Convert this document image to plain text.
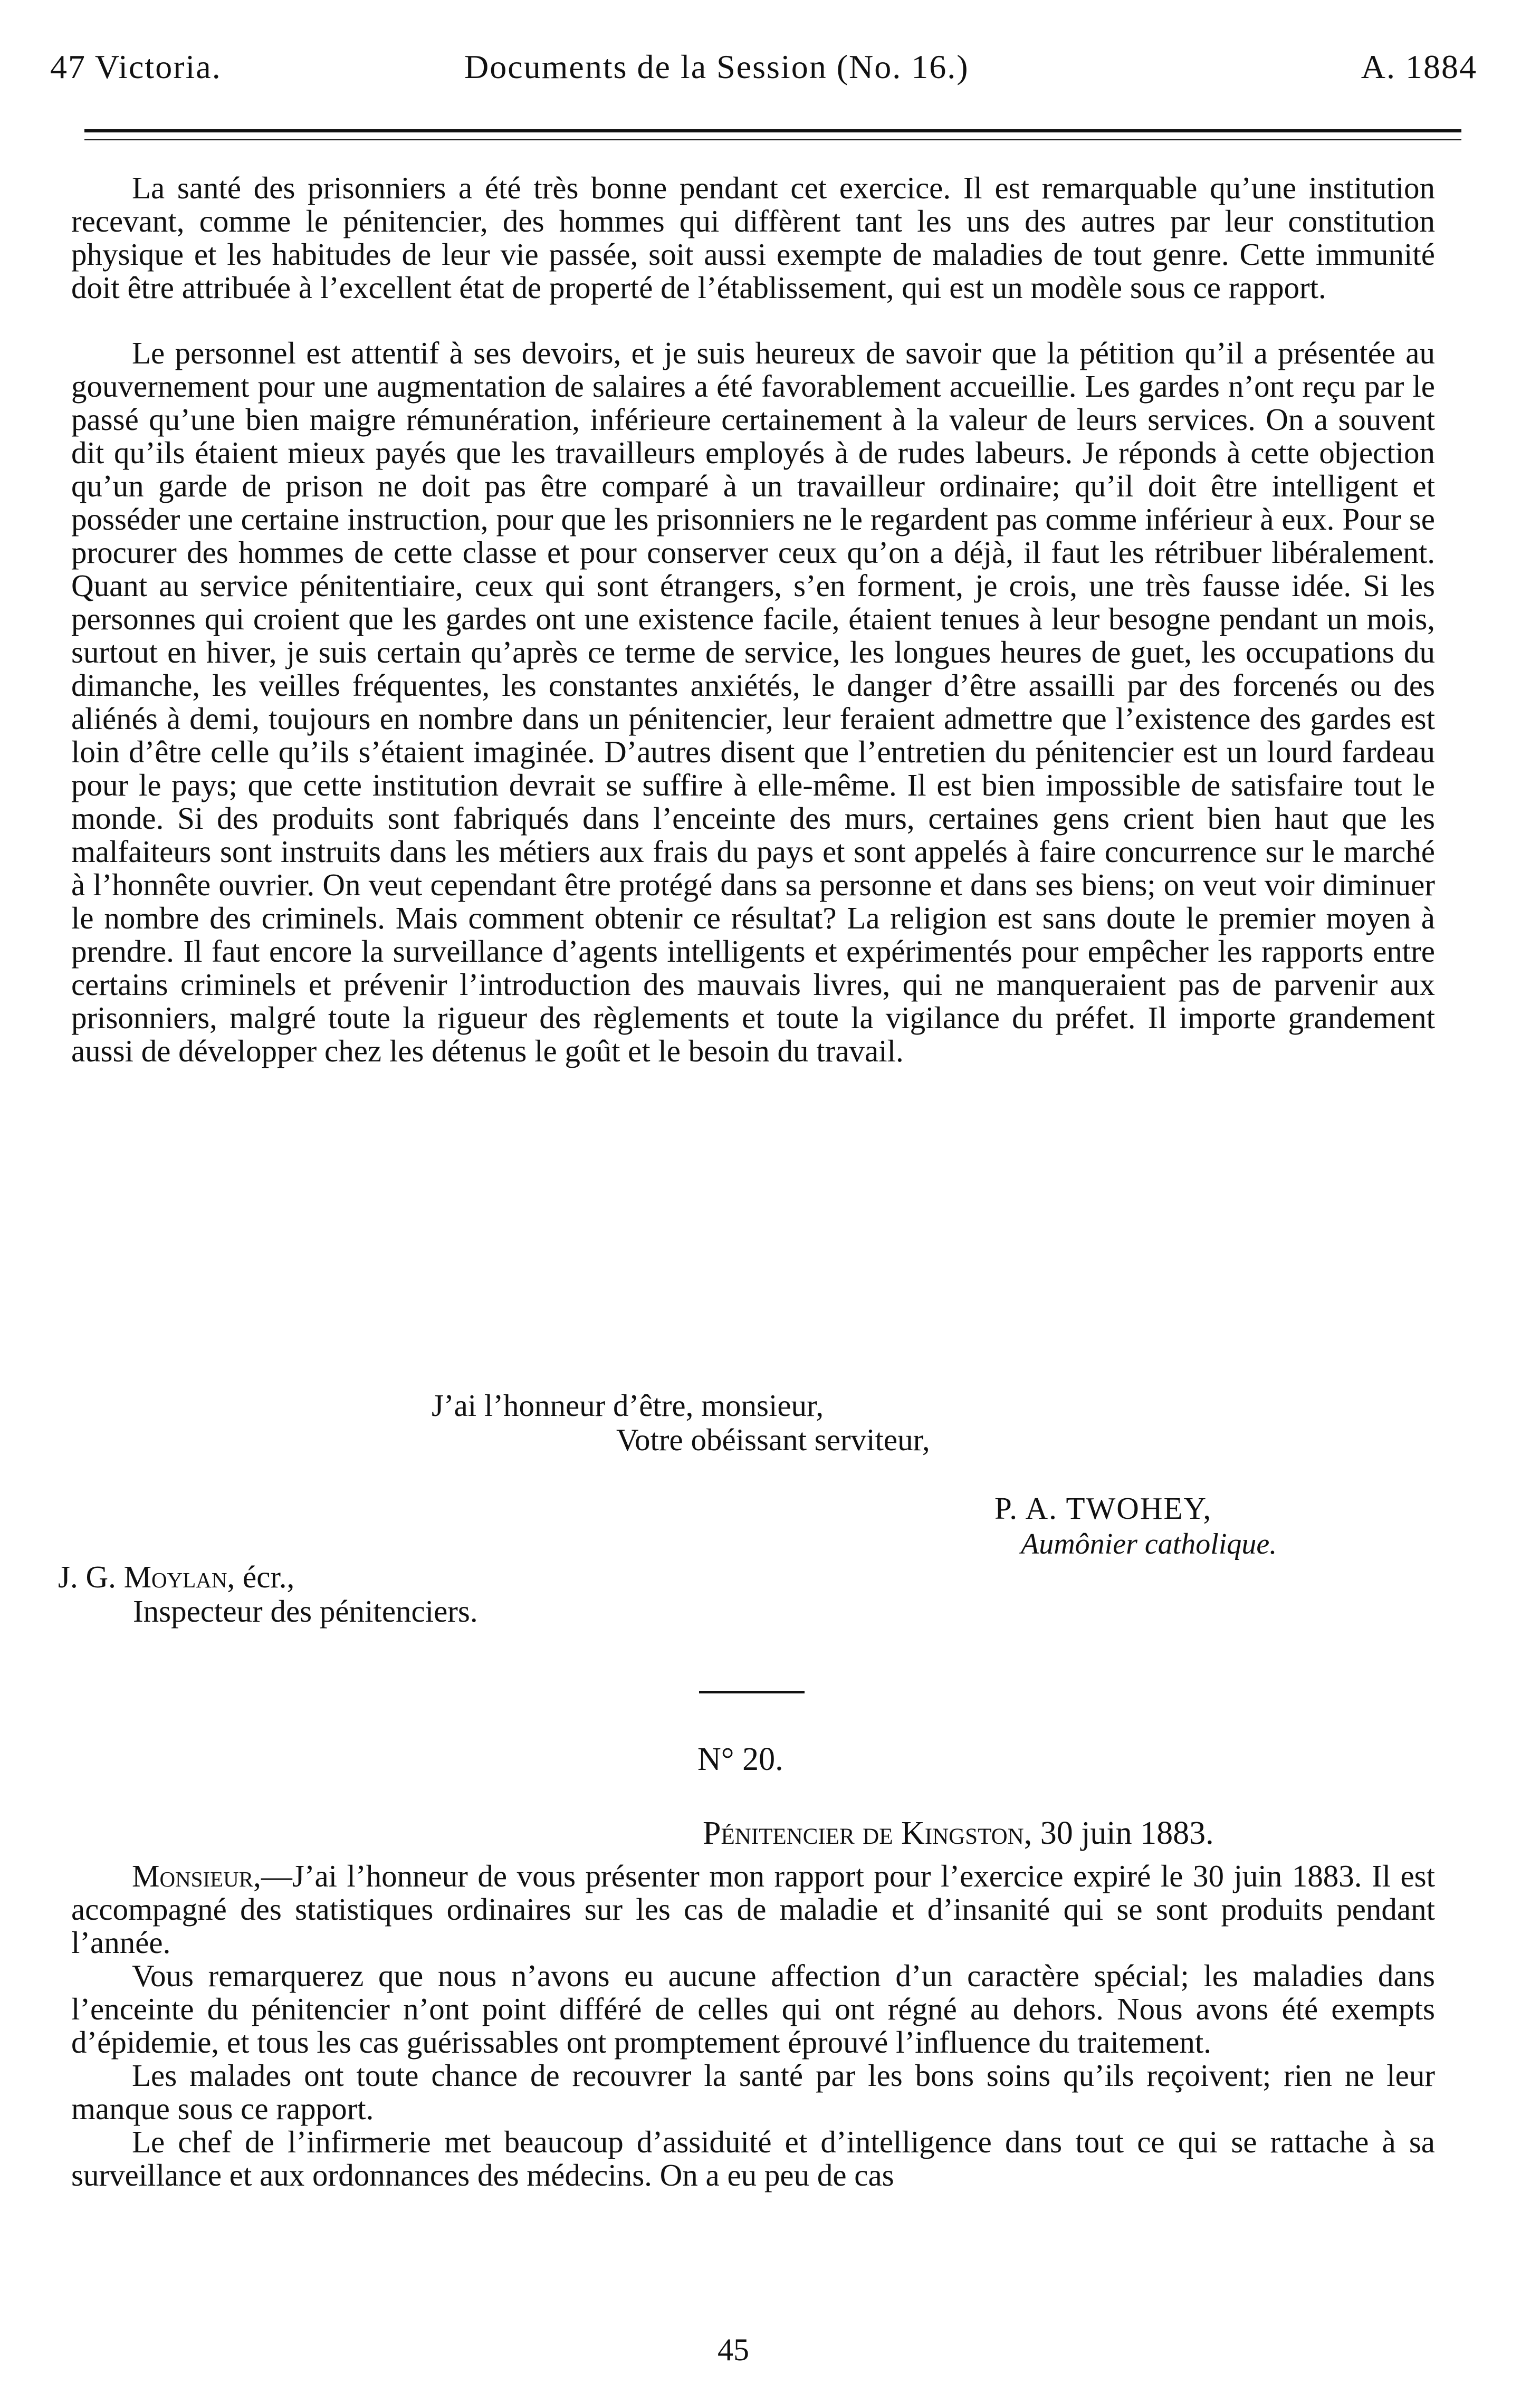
47 Victoria.	Documents de la Session (No. 16.)	A. 1884

La santé des prisonniers a été très bonne pendant cet exercice. Il est remarquable qu’une institution recevant, comme le pénitencier, des hommes qui diffèrent tant les uns des autres par leur constitution physique et les habitudes de leur vie passée, soit aussi exempte de maladies de tout genre. Cette immunité doit être attribuée à l’excellent état de properté de l’établissement, qui est un modèle sous ce rapport.

Le personnel est attentif à ses devoirs, et je suis heureux de savoir que la pétition qu’il a présentée au gouvernement pour une augmentation de salaires a été favorablement accueillie. Les gardes n’ont reçu par le passé qu’une bien maigre rémunération, inférieure certainement à la valeur de leurs services. On a souvent dit qu’ils étaient mieux payés que les travailleurs employés à de rudes labeurs. Je réponds à cette objection qu’un garde de prison ne doit pas être comparé à un travailleur ordinaire; qu’il doit être intelligent et posséder une certaine instruction, pour que les prisonniers ne le regardent pas comme inférieur à eux. Pour se procurer des hommes de cette classe et pour conserver ceux qu’on a déjà, il faut les rétribuer libéralement. Quant au service pénitentiaire, ceux qui sont étrangers, s’en forment, je crois, une très fausse idée. Si les personnes qui croient que les gardes ont une existence facile, étaient tenues à leur besogne pendant un mois, surtout en hiver, je suis certain qu’après ce terme de service, les longues heures de guet, les occupations du dimanche, les veilles fréquentes, les constantes anxiétés, le danger d’être assailli par des forcenés ou des aliénés à demi, toujours en nombre dans un pénitencier, leur feraient admettre que l’existence des gardes est loin d’être celle qu’ils s’étaient imaginée. D’autres disent que l’entretien du pénitencier est un lourd fardeau pour le pays; que cette institution devrait se suffire à elle-même. Il est bien impossible de satisfaire tout le monde. Si des produits sont fabriqués dans l’enceinte des murs, certaines gens crient bien haut que les malfaiteurs sont instruits dans les métiers aux frais du pays et sont appelés à faire concurrence sur le marché à l’honnête ouvrier. On veut cependant être protégé dans sa personne et dans ses biens; on veut voir diminuer le nombre des criminels. Mais comment obtenir ce résultat? La religion est sans doute le premier moyen à prendre. Il faut encore la surveillance d’agents intelligents et expérimentés pour empêcher les rapports entre certains criminels et prévenir l’introduction des mauvais livres, qui ne manqueraient pas de parvenir aux prisonniers, malgré toute la rigueur des règlements et toute la vigilance du préfet. Il importe grandement aussi de développer chez les détenus le goût et le besoin du travail.

J’ai l’honneur d’être, monsieur,
Votre obéissant serviteur,
P. A. TWOHEY,
Aumônier catholique.
J. G. Moylan, écr.,
Inspecteur des pénitenciers.
N° 20.
Pénitencier de Kingston, 30 juin 1883.

Monsieur,—J’ai l’honneur de vous présenter mon rapport pour l’exercice expiré le 30 juin 1883. Il est accompagné des statistiques ordinaires sur les cas de maladie et d’insanité qui se sont produits pendant l’année.

Vous remarquerez que nous n’avons eu aucune affection d’un caractère spécial; les maladies dans l’enceinte du pénitencier n’ont point différé de celles qui ont régné au dehors. Nous avons été exempts d’épidemie, et tous les cas guérissables ont promptement éprouvé l’influence du traitement.

Les malades ont toute chance de recouvrer la santé par les bons soins qu’ils reçoivent; rien ne leur manque sous ce rapport.

Le chef de l’infirmerie met beaucoup d’assiduité et d’intelligence dans tout ce qui se rattache à sa surveillance et aux ordonnances des médecins. On a eu peu de cas

45
